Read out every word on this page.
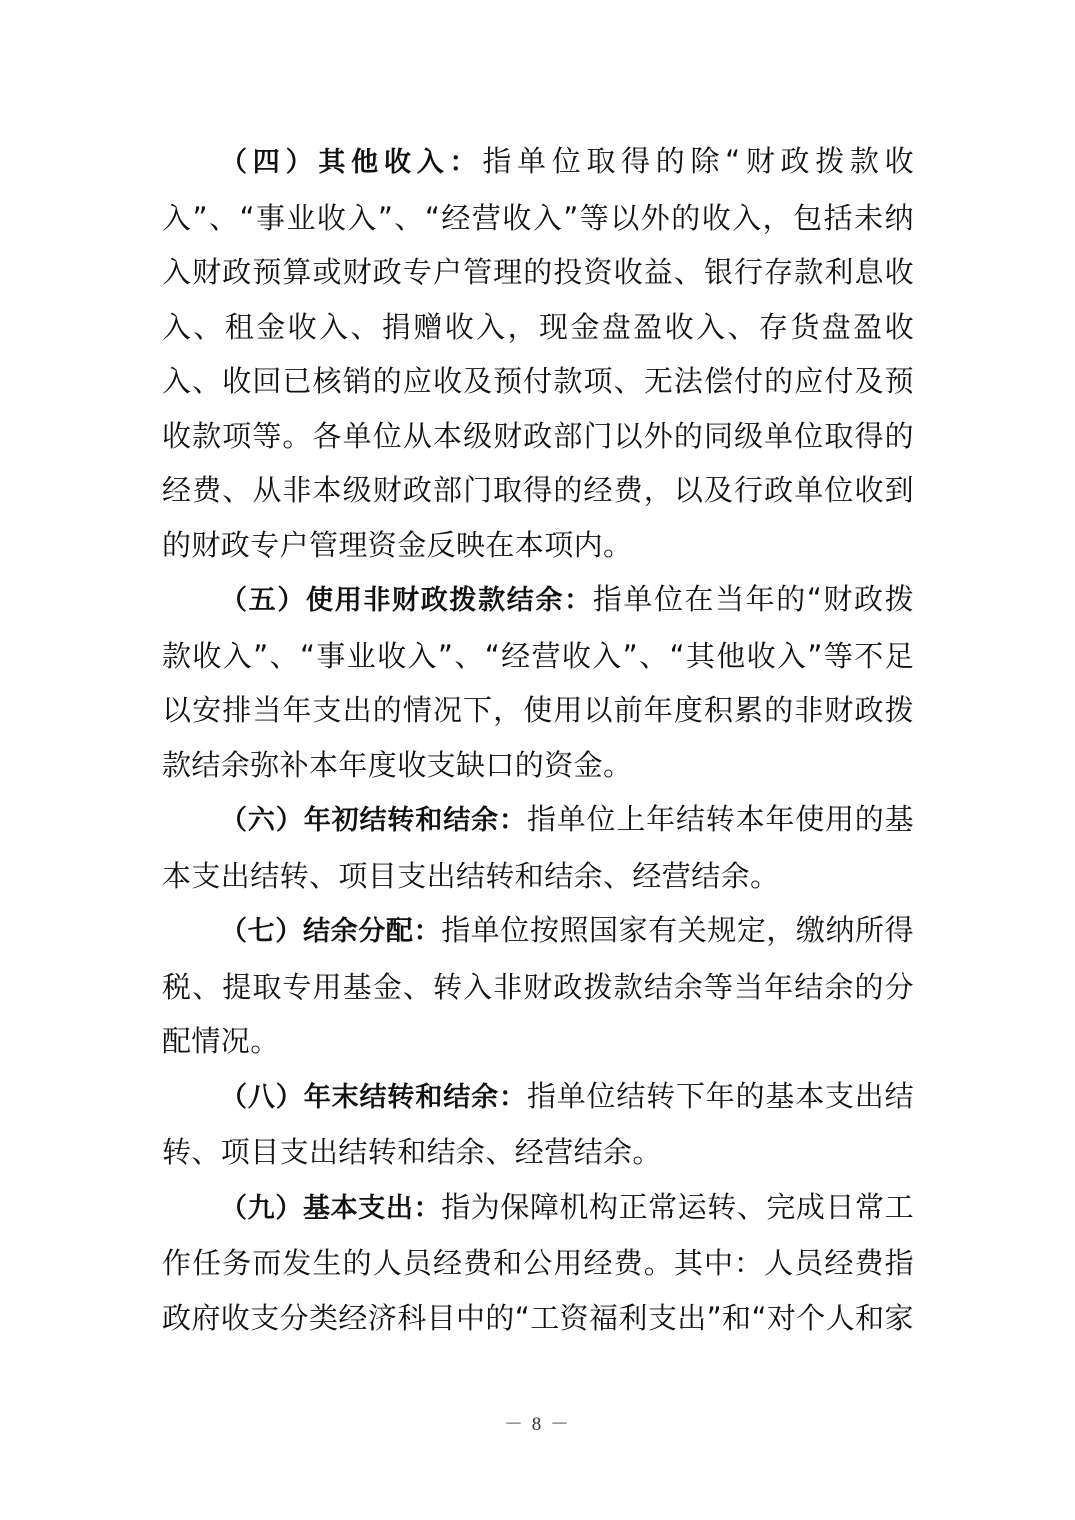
（四）其他收入：指单位取得的除“财政拨款收入”、“事业收入”、“经营收入”等以外的收入，包括未纳入财政预算或财政专户管理的投资收益、银行存款利息收入、租金收入、捐赠收入，现金盘盈收入、存货盘盈收入、收回已核销的应收及预付款项、无法偿付的应付及预收款项等。各单位从本级财政部门以外的同级单位取得的经费、从非本级财政部门取得的经费，以及行政单位收到的财政专户管理资金反映在本项内。

（五）使用非财政拨款结余：指单位在当年的“财政拨款收入”、“事业收入”、“经营收入”、“其他收入”等不足以安排当年支出的情况下，使用以前年度积累的非财政拨款结余弥补本年度收支缺口的资金。

（六）年初结转和结余：指单位上年结转本年使用的基本支出结转、项目支出结转和结余、经营结余。

（七）结余分配：指单位按照国家有关规定，缴纳所得税、提取专用基金、转入非财政拨款结余等当年结余的分配情况。

（八）年末结转和结余：指单位结转下年的基本支出结转、项目支出结转和结余、经营结余。

（九）基本支出：指为保障机构正常运转、完成日常工作任务而发生的人员经费和公用经费。其中：人员经费指政府收支分类经济科目中的“工资福利支出”和“对个人和家

－ 8 －
